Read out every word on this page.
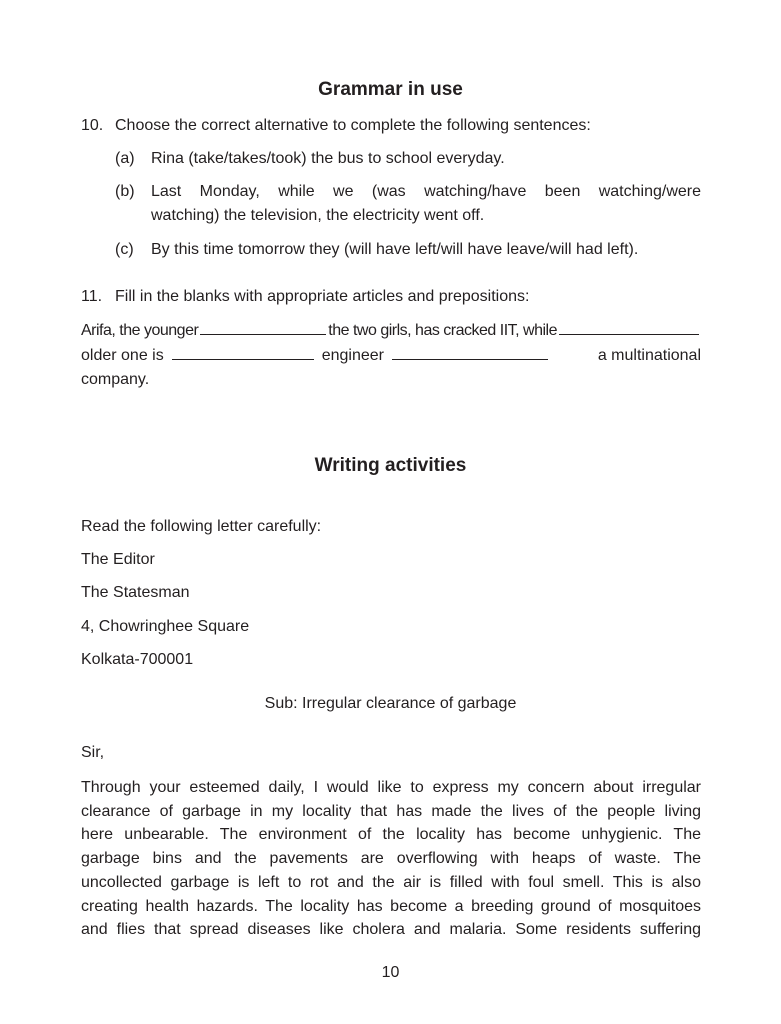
Grammar in use
10. Choose the correct alternative to complete the following sentences:
(a) Rina (take/takes/took) the bus to school everyday.
(b)	Last Monday, while we (was watching/have been watching/were
watching) the television, the electricity went off.
(c) By this time tomorrow they (will have left/will have leave/will had left).
11. Fill in the blanks with appropriate articles and prepositions:
Arifa, the younger	the two girls, has cracked IIT, while
older one is	engineer	a multinational
company.
Writing activities
Read the following letter carefully:
The Editor
The Statesman
4, Chowringhee Square
Kolkata-700001
Sub: Irregular clearance of garbage
Sir,
Through your esteemed daily, I would like to express my concern about irregular
clearance of garbage in my locality that has made the lives of the people living
here unbearable. The environment of the locality has become unhygienic. The
garbage bins and the pavements are overflowing with heaps of waste. The
uncollected garbage is left to rot and the air is filled with foul smell. This is also
creating health hazards. The locality has become a breeding ground of mosquitoes
and flies that spread diseases like cholera and malaria. Some residents suffering
10
